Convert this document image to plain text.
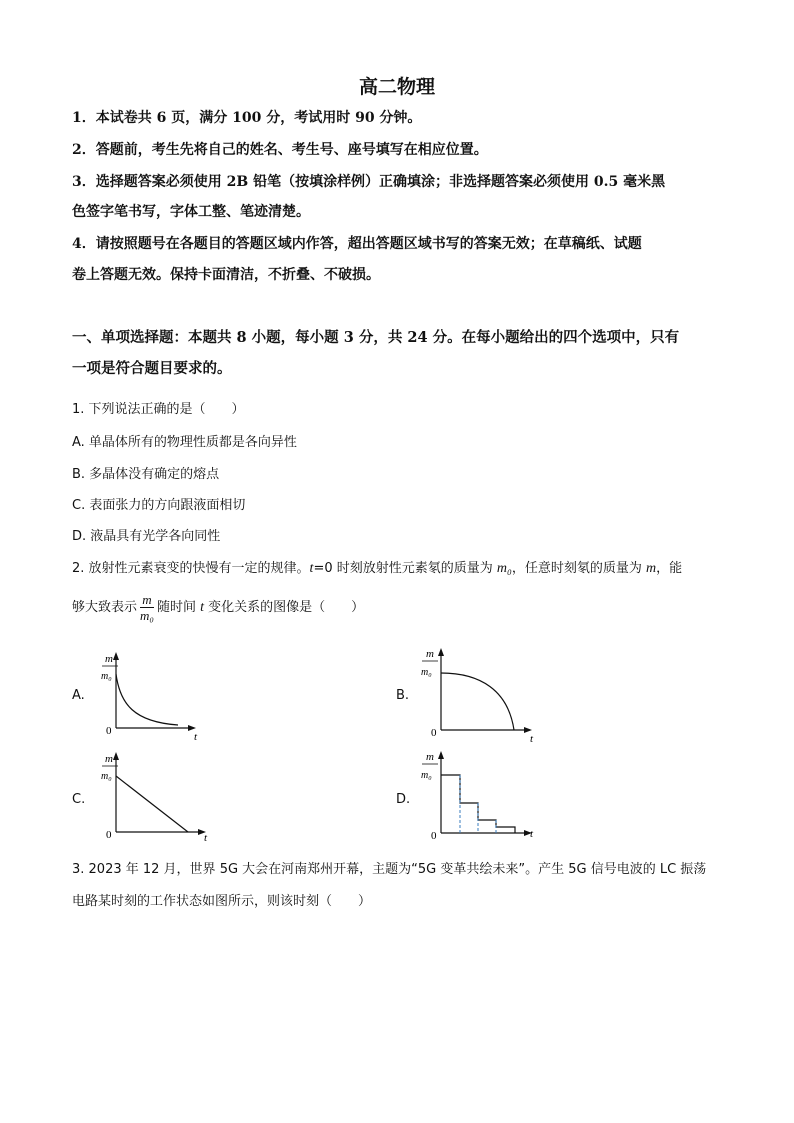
高二物理
1．本试卷共 6 页，满分 100 分，考试用时 90 分钟。
2．答题前，考生先将自己的姓名、考生号、座号填写在相应位置。
3．选择题答案必须使用 2B 铅笔（按填涂样例）正确填涂；非选择题答案必须使用 0.5 毫米黑
色签字笔书写，字体工整、笔迹清楚。
4．请按照题号在各题目的答题区域内作答，超出答题区域书写的答案无效；在草稿纸、试题
卷上答题无效。保持卡面清洁，不折叠、不破损。
一、单项选择题：本题共 8 小题，每小题 3 分，共 24 分。在每小题给出的四个选项中，只有
一项是符合题目要求的。
1. 下列说法正确的是（　　）
A. 单晶体所有的物理性质都是各向异性
B. 多晶体没有确定的熔点
C. 表面张力的方向跟液面相切
D. 液晶具有光学各向同性
2. 放射性元素衰变的快慢有一定的规律。t=0 时刻放射性元素氡的质量为 m₀，任意时刻氡的质量为 m，能
够大致表示 $\frac{m}{\text{m₀}}$ 随时间 t 变化关系的图像是（　　）
A.
m
m₀
0	t
B.
m
m₀
0	t
C.
m
m₀
0	t
D.
m
m₀
0	t
3. 2023 年 12 月，世界 5G 大会在河南郑州开幕，主题为“5G 变革共绘未来”。产生 5G 信号电波的 LC 振荡
电路某时刻的工作状态如图所示，则该时刻（　　）
